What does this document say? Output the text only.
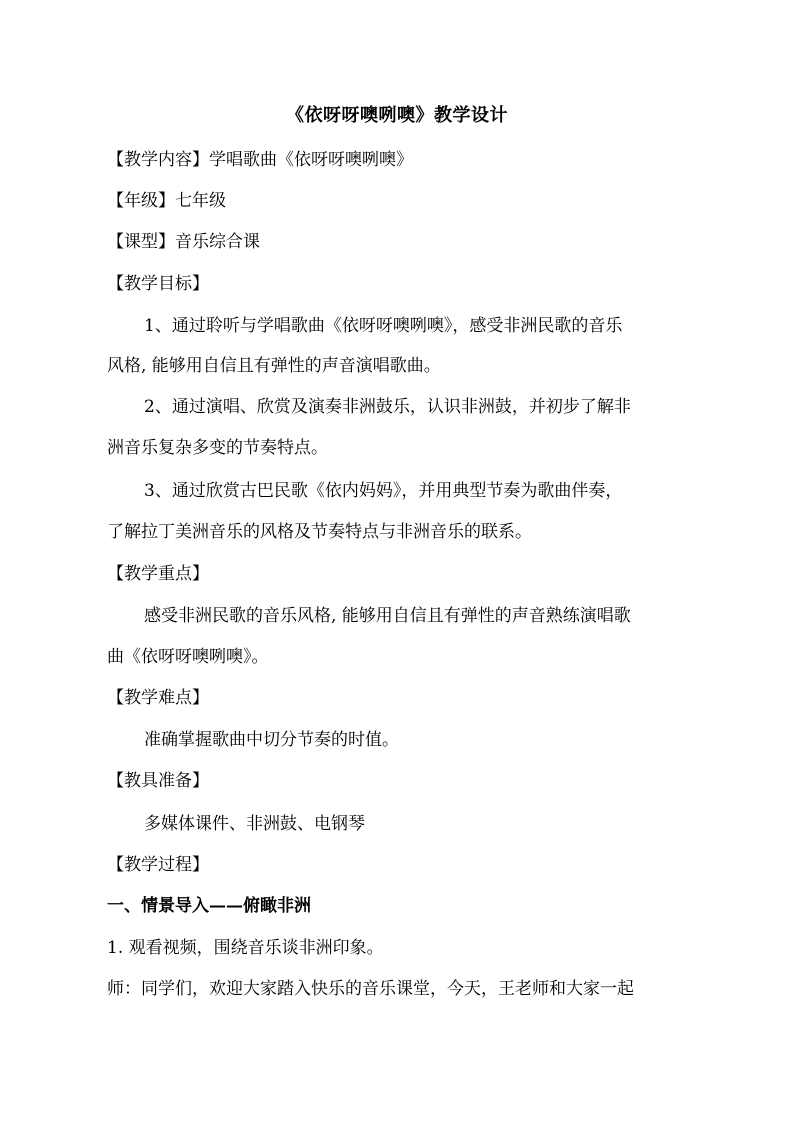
《依呀呀噢咧噢》教学设计
【教学内容】学唱歌曲《依呀呀噢咧噢》
【年级】七年级
【课型】音乐综合课
【教学目标】
1、通过聆听与学唱歌曲《依呀呀噢咧噢》，感受非洲民歌的音乐
风格, 能够用自信且有弹性的声音演唱歌曲。
2、通过演唱、欣赏及演奏非洲鼓乐，认识非洲鼓，并初步了解非
洲音乐复杂多变的节奏特点。
3、通过欣赏古巴民歌《依内妈妈》，并用典型节奏为歌曲伴奏，
了解拉丁美洲音乐的风格及节奏特点与非洲音乐的联系。
【教学重点】
感受非洲民歌的音乐风格, 能够用自信且有弹性的声音熟练演唱歌
曲《依呀呀噢咧噢》。
【教学难点】
准确掌握歌曲中切分节奏的时值。
【教具准备】
多媒体课件、非洲鼓、电钢琴
【教学过程】
一、情景导入——俯瞰非洲
1. 观看视频，围绕音乐谈非洲印象。
师：同学们，欢迎大家踏入快乐的音乐课堂，今天，王老师和大家一起
